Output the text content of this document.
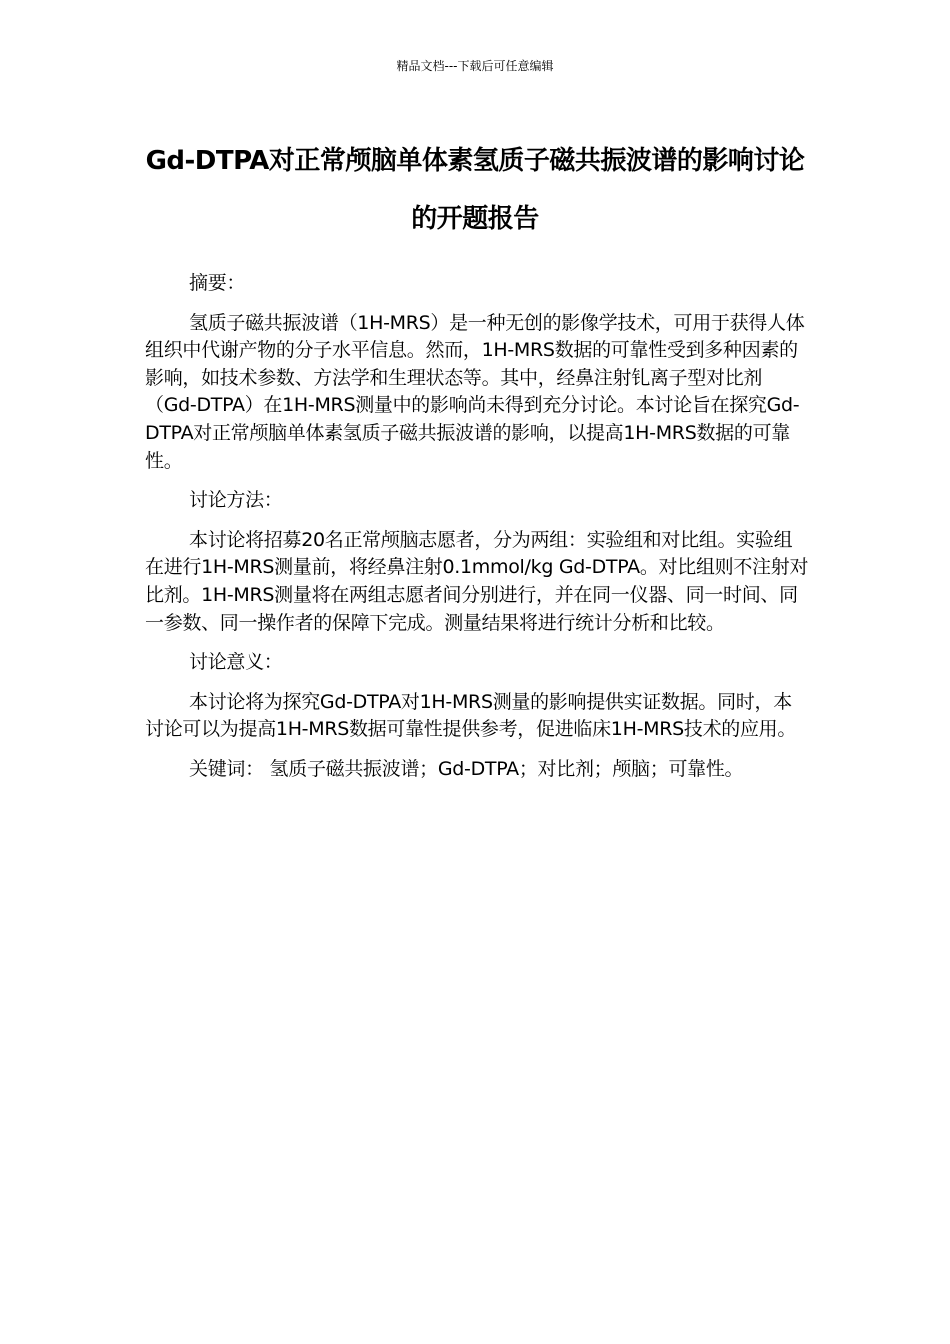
精品文档---下载后可任意编辑
Gd-DTPA对正常颅脑单体素氢质子磁共振波谱的影响讨论的开题报告

摘要：

氢质子磁共振波谱（1H-MRS）是一种无创的影像学技术，可用于获得人体组织中代谢产物的分子水平信息。然而，1H-MRS数据的可靠性受到多种因素的影响，如技术参数、方法学和生理状态等。其中，经鼻注射钆离子型对比剂（Gd-DTPA）在1H-MRS测量中的影响尚未得到充分讨论。本讨论旨在探究Gd-DTPA对正常颅脑单体素氢质子磁共振波谱的影响，以提高1H-MRS数据的可靠性。

讨论方法：

本讨论将招募20名正常颅脑志愿者，分为两组：实验组和对比组。实验组在进行1H-MRS测量前，将经鼻注射0.1mmol/kg Gd-DTPA。对比组则不注射对比剂。1H-MRS测量将在两组志愿者间分别进行，并在同一仪器、同一时间、同一参数、同一操作者的保障下完成。测量结果将进行统计分析和比较。

讨论意义：

本讨论将为探究Gd-DTPA对1H-MRS测量的影响提供实证数据。同时，本讨论可以为提高1H-MRS数据可靠性提供参考，促进临床1H-MRS技术的应用。

关键词： 氢质子磁共振波谱；Gd-DTPA；对比剂；颅脑；可靠性。
